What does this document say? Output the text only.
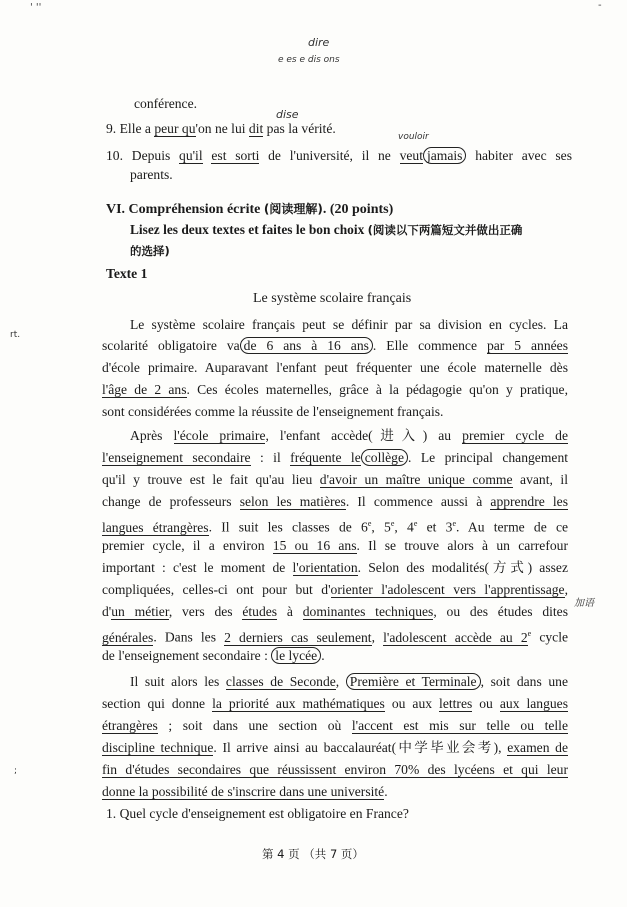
' ''	-
dire
e es e dis ons
dise
vouloir
rt.
加语
;
conférence.
9. Elle a peur qu'on ne lui dit pas la vérité.
10. Depuis qu'il est sorti de l'université, il ne veut jamais habiter avec ses
parents.
VI. Compréhension écrite (阅读理解). (20 points)
Lisez les deux textes et faites le bon choix (阅读以下两篇短文并做出正确
的选择)
Texte 1
Le système scolaire français
Le système scolaire français peut se définir par sa division en cycles. La
scolarité obligatoire va de 6 ans à 16 ans . Elle commence par 5 années
d'école primaire. Auparavant l'enfant peut fréquenter une école maternelle dès
l'âge de 2 ans. Ces écoles maternelles, grâce à la pédagogie qu'on y pratique,
sont considérées comme la réussite de l'enseignement français.
Après l'école primaire, l'enfant accède(进入) au premier cycle de
l'enseignement secondaire : il fréquente le collège . Le principal changement
qu'il y trouve est le fait qu'au lieu d'avoir un maître unique comme avant, il
change de professeurs selon les matières. Il commence aussi à apprendre les
langues étrangères. Il suit les classes de 6e, 5e, 4e et 3e. Au terme de ce
premier cycle, il a environ 15 ou 16 ans. Il se trouve alors à un carrefour
important : c'est le moment de l'orientation. Selon des modalités(方式) assez
compliquées, celles-ci ont pour but d'orienter l'adolescent vers l'apprentissage,
d'un métier, vers des études à dominantes techniques, ou des études dites
générales. Dans les 2 derniers cas seulement, l'adolescent accède au 2e cycle
de l'enseignement secondaire : le lycée .
Il suit alors les classes de Seconde, Première et Terminale , soit dans une
section qui donne la priorité aux mathématiques ou aux lettres ou aux langues
étrangères ; soit dans une section où l'accent est mis sur telle ou telle
discipline technique. Il arrive ainsi au baccalauréat(中学毕业会考), examen de
fin d'études secondaires que réussissent environ 70% des lycéens et qui leur
donne la possibilité de s'inscrire dans une université.
1. Quel cycle d'enseignement est obligatoire en France?
第 4 页 （共 7 页）
